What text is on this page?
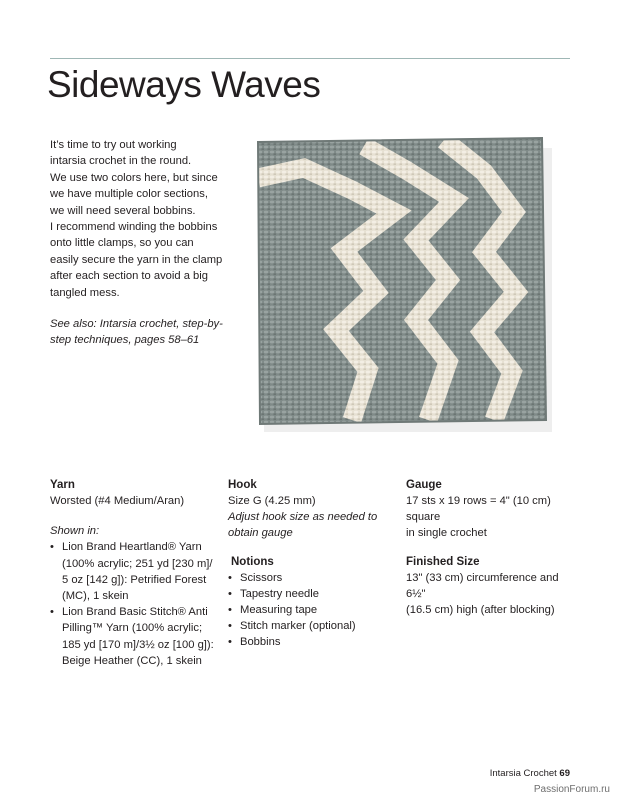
Sideways Waves

It’s time to try out working

intarsia crochet in the round.

We use two colors here, but since

we have multiple color sections,

we will need several bobbins.

I recommend winding the bobbins

onto little clamps, so you can

easily secure the yarn in the clamp

after each section to avoid a big

tangled mess.

See also: Intarsia crochet, step-by-

step techniques, pages 58–61

Yarn

Worsted (#4 Medium/Aran)

Shown in:

• Lion Brand Heartland® Yarn
(100% acrylic; 251 yd [230 m]/
5 oz [142 g]): Petrified Forest
(MC), 1 skein
• Lion Brand Basic Stitch® Anti
Pilling™ Yarn (100% acrylic;
185 yd [170 m]/3½ oz [100 g]):
Beige Heather (CC), 1 skein
Hook

Size G (4.25 mm)

Adjust hook size as needed to

obtain gauge

Notions
• Scissors
• Tapestry needle
• Measuring tape
• Stitch marker (optional)
• Bobbins
Gauge

17 sts x 19 rows = 4" (10 cm) square

in single crochet

Finished Size

13" (33 cm) circumference and 6½"

(16.5 cm) high (after blocking)

Intarsia Crochet 69
PassionForum.ru
